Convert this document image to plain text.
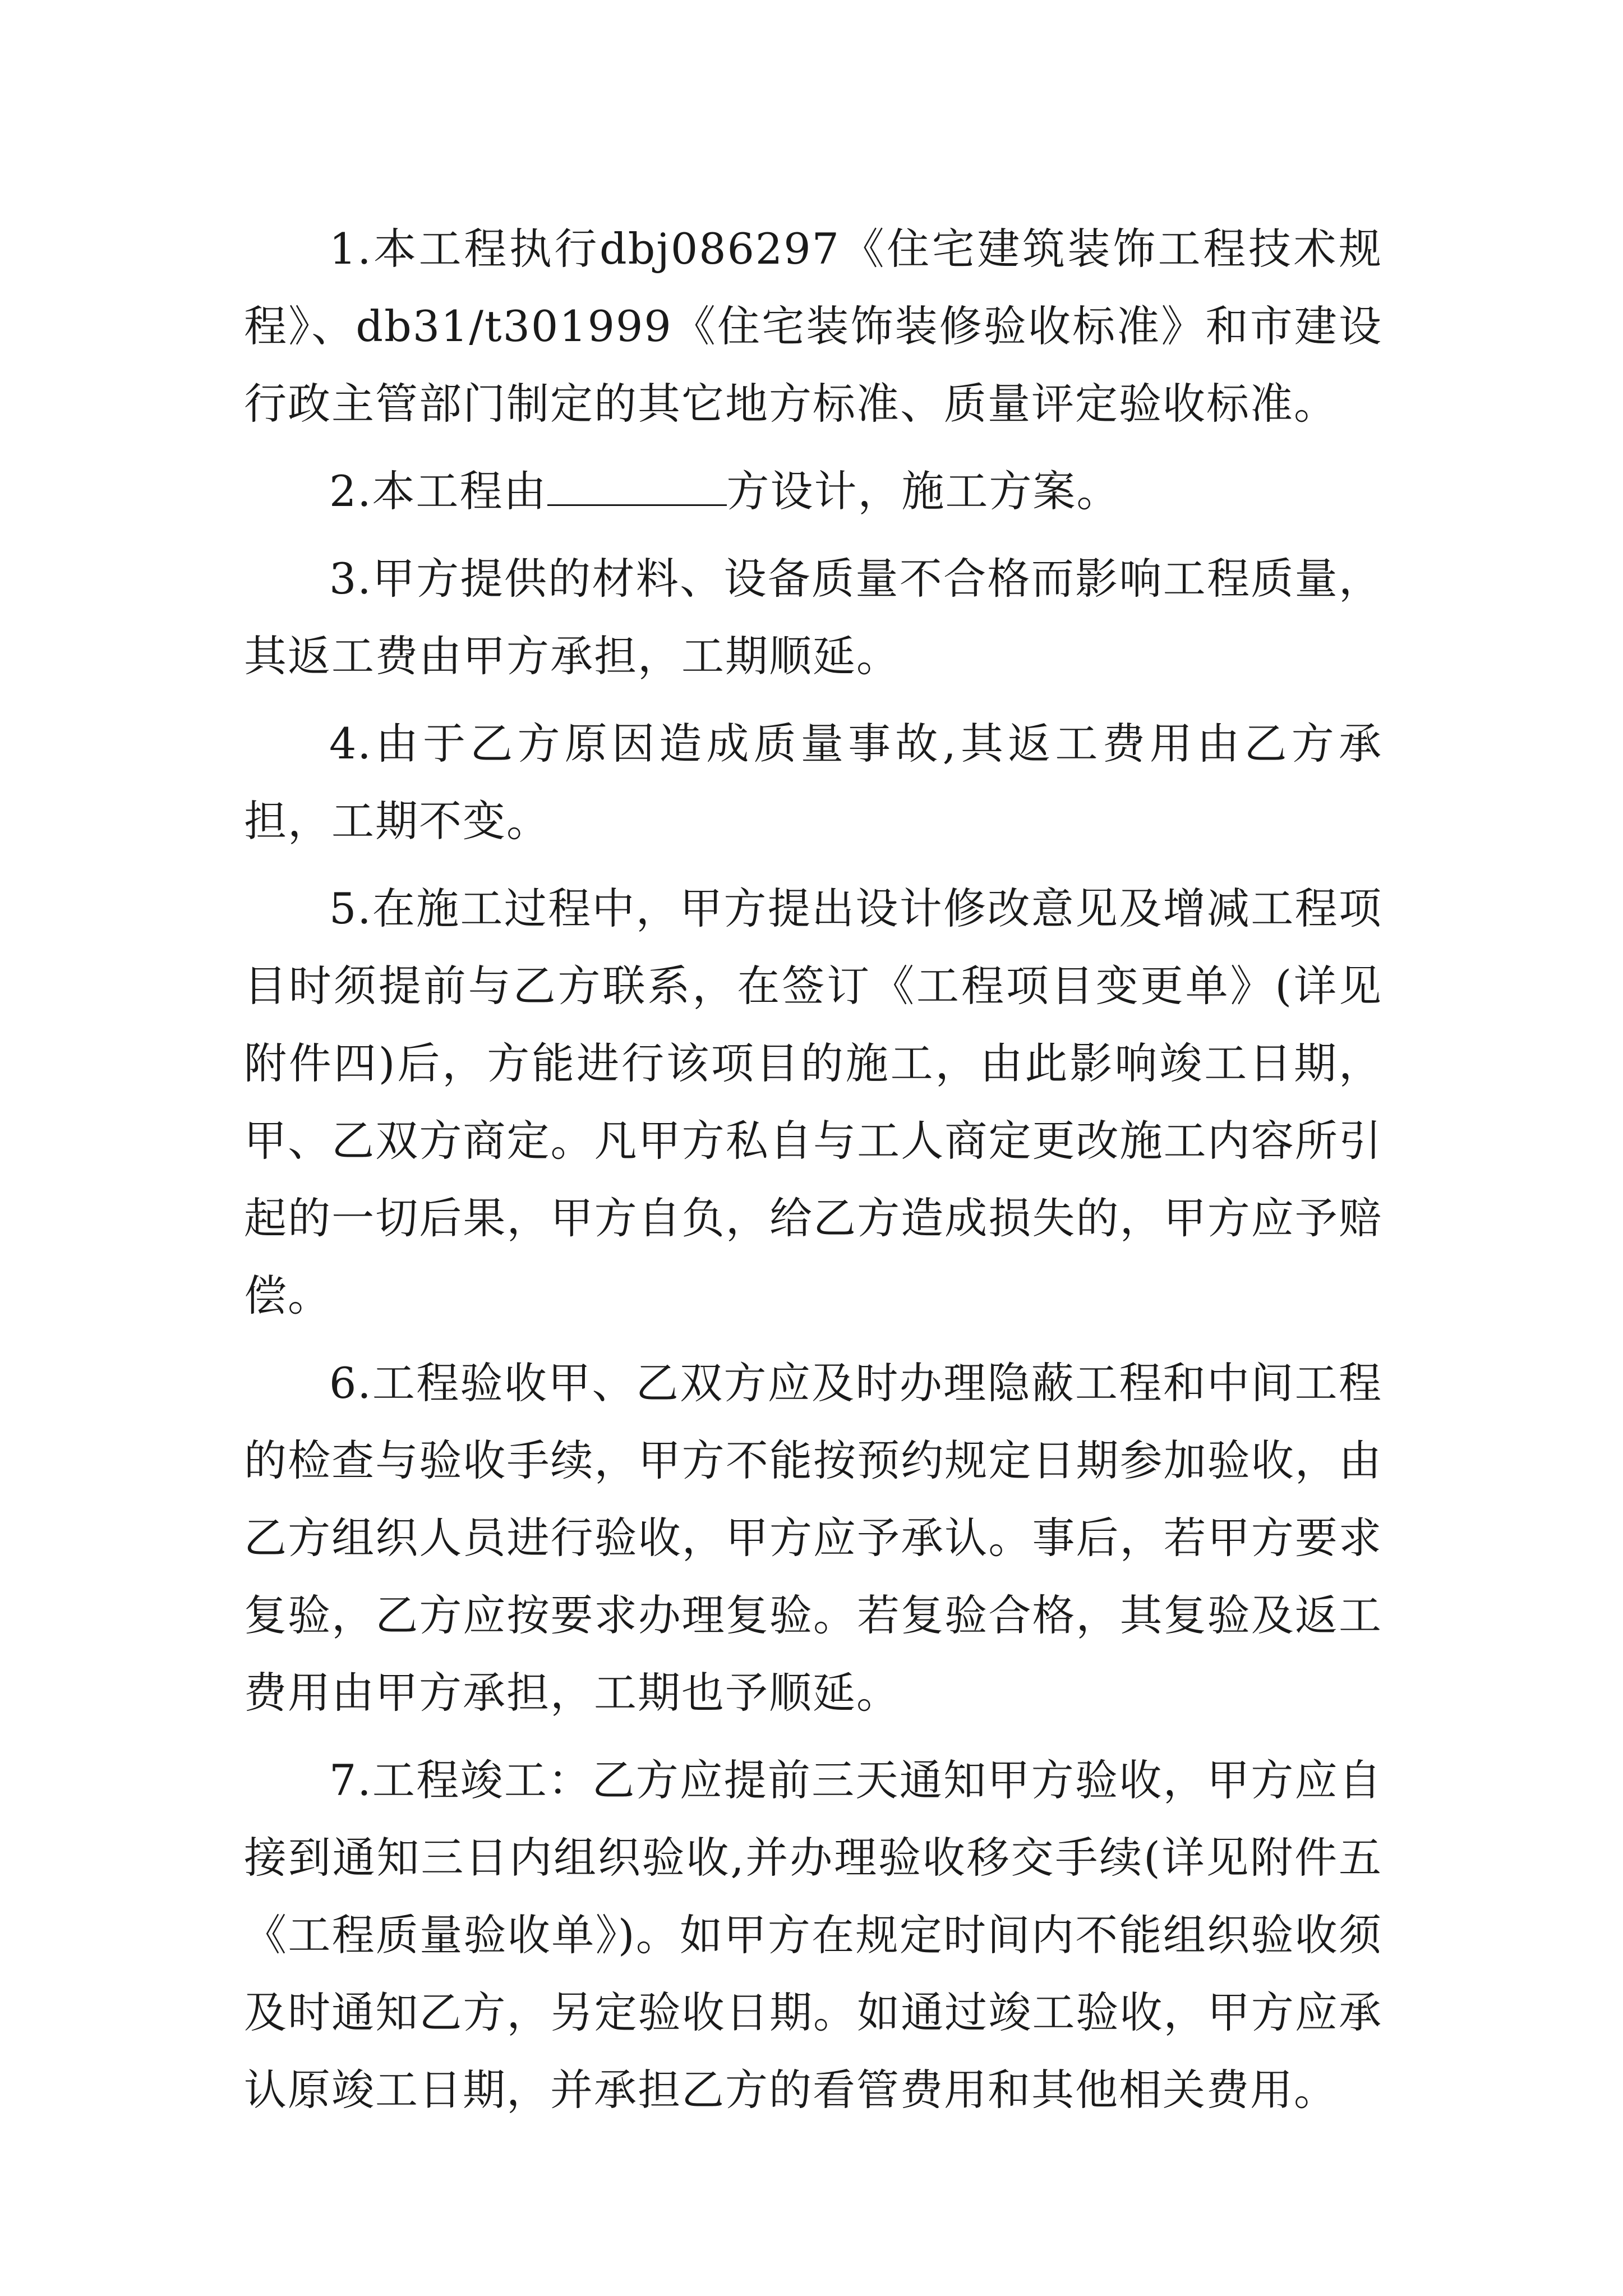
1.本工程执行dbj086297《住宅建筑装饰工程技术规程》、db31/t301999《住宅装饰装修验收标准》和市建设行政主管部门制定的其它地方标准、质量评定验收标准。

2.本工程由	方设计，施工方案。

3.甲方提供的材料、设备质量不合格而影响工程质量，其返工费由甲方承担，工期顺延。

4.由于乙方原因造成质量事故,其返工费用由乙方承担，工期不变。

5.在施工过程中，甲方提出设计修改意见及增减工程项目时须提前与乙方联系，在签订《工程项目变更单》(详见附件四)后，方能进行该项目的施工，由此影响竣工日期，甲、乙双方商定。凡甲方私自与工人商定更改施工内容所引起的一切后果，甲方自负，给乙方造成损失的，甲方应予赔偿。

6.工程验收甲、乙双方应及时办理隐蔽工程和中间工程的检查与验收手续，甲方不能按预约规定日期参加验收，由乙方组织人员进行验收，甲方应予承认。事后，若甲方要求复验，乙方应按要求办理复验。若复验合格，其复验及返工费用由甲方承担，工期也予顺延。

7.工程竣工：乙方应提前三天通知甲方验收，甲方应自接到通知三日内组织验收,并办理验收移交手续(详见附件五《工程质量验收单》)。如甲方在规定时间内不能组织验收须及时通知乙方，另定验收日期。如通过竣工验收，甲方应承认原竣工日期，并承担乙方的看管费用和其他相关费用。
